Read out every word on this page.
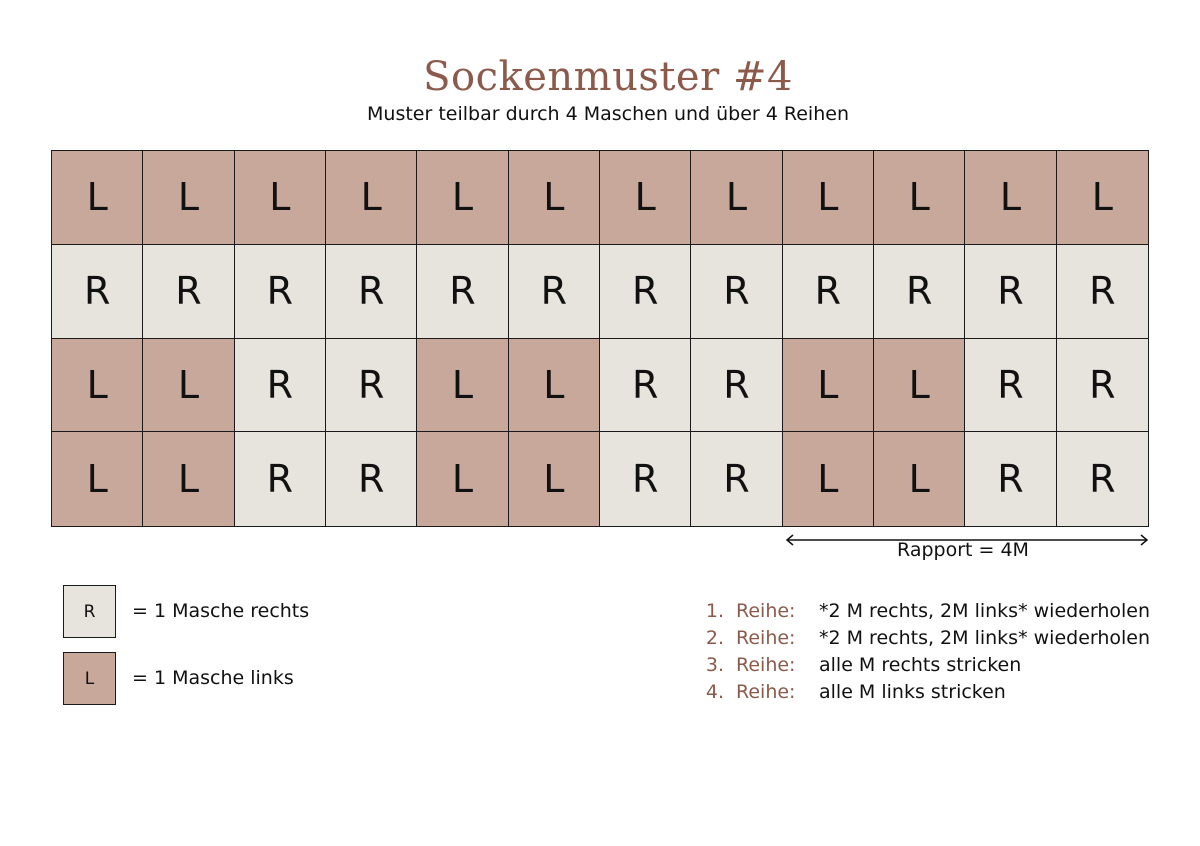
Sockenmuster #4
Muster teilbar durch 4 Maschen und über 4 Reihen
L	L	L	L	L	L	L	L	L	L	L	L
R	R	R	R	R	R	R	R	R	R	R	R
L	L	R	R	L	L	R	R	L	L	R	R
L	L	R	R	L	L	R	R	L	L	R	R
Rapport = 4M
R	= 1 Masche rechts
L	= 1 Masche links
1. Reihe: *2 M rechts, 2M links* wiederholen
2. Reihe: *2 M rechts, 2M links* wiederholen
3. Reihe: alle M rechts stricken
4. Reihe: alle M links stricken
